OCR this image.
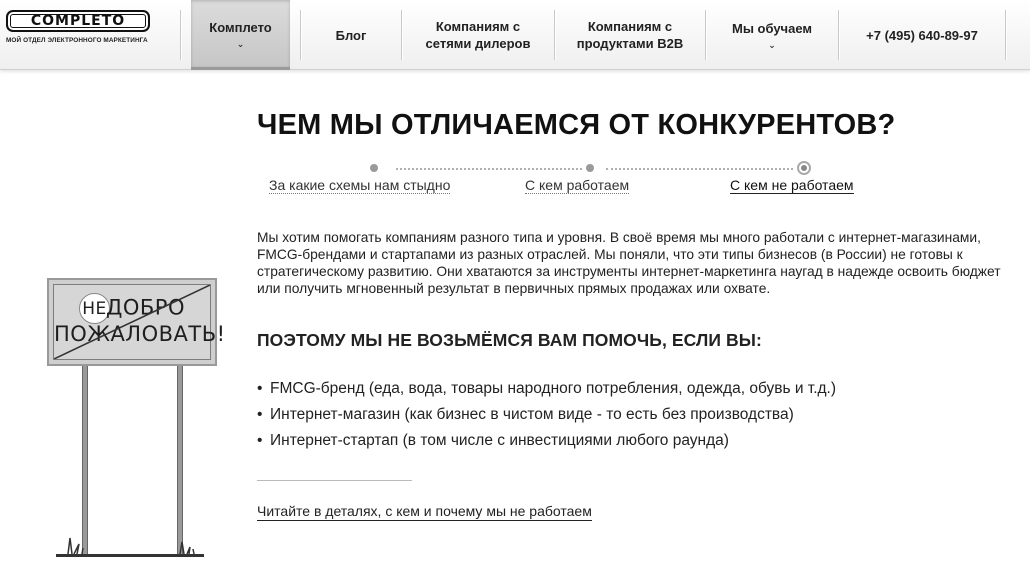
COMPLETO
МОЙ ОТДЕЛ ЭЛЕКТРОННОГО МАРКЕТИНГА
Комплето
⌄
Блог
Компаниям с сетями дилеров
Компаниям с продуктами B2B
Мы обучаем
⌄
+7 (495) 640-89-97
ЧЕМ МЫ ОТЛИЧАЕМСЯ ОТ КОНКУРЕНТОВ?
За какие схемы нам стыдно	С кем работаем	С кем не работаем

Мы хотим помогать компаниям разного типа и уровня. В своё время мы много работали с интернет-магазинами, FMCG-брендами и стартапами из разных отраслей. Мы поняли, что эти типы бизнесов (в России) не готовы к стратегическому развитию. Они хватаются за инструменты интернет-маркетинга наугад в надежде освоить бюджет или получить мгновенный результат в первичных прямых продажах или охвате.

ПОЭТОМУ МЫ НЕ ВОЗЬМЁМСЯ ВАМ ПОМОЧЬ, ЕСЛИ ВЫ:
• FMCG-бренд (еда, вода, товары народного потребления, одежда, обувь и т.д.)
• Интернет-магазин (как бизнес в чистом виде - то есть без производства)
• Интернет-стартап (в том числе с инвестициями любого раунда)
Читайте в деталях, с кем и почему мы не работаем
НЕДОБРО
ПОЖАЛОВАТЬ!
